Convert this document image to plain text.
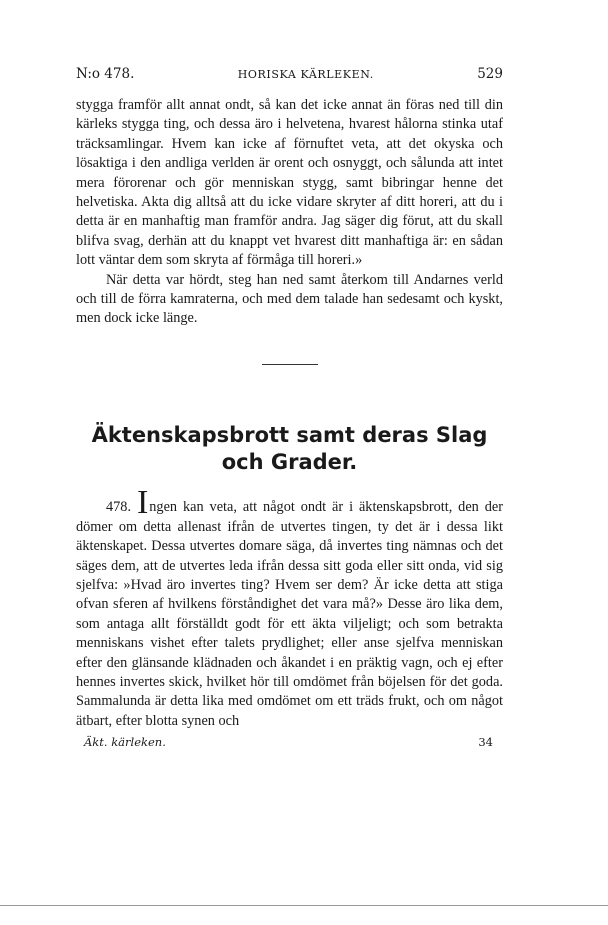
N:o 478.	HORISKA KÄRLEKEN.	529

stygga framför allt annat ondt, så kan det icke annat än föras ned till din kärleks stygga ting, och dessa äro i helvetena, hvarest hålorna stinka utaf träcksamlingar. Hvem kan icke af förnuftet veta, att det okyska och lösaktiga i den andliga verlden är orent och osnyggt, och sålunda att intet mera förorenar och gör menniskan stygg, samt bibringar henne det helvetiska. Akta dig alltså att du icke vidare skryter af ditt horeri, att du i detta är en manhaftig man framför andra. Jag säger dig förut, att du skall blifva svag, derhän att du knappt vet hvarest ditt manhaftiga är: en sådan lott väntar dem som skryta af förmåga till horeri.»

När detta var hördt, steg han ned samt återkom till Andarnes verld och till de förra kamraterna, och med dem talade han sedesamt och kyskt, men dock icke länge.

Äktenskapsbrott samt deras Slag
och Grader.

478. Ingen kan veta, att något ondt är i äktenskapsbrott, den der dömer om detta allenast ifrån de utvertes tingen, ty det är i dessa likt äktenskapet. Dessa utvertes domare säga, då invertes ting nämnas och det säges dem, att de utvertes leda ifrån dessa sitt goda eller sitt onda, vid sig sjelfva: »Hvad äro invertes ting? Hvem ser dem? Är icke detta att stiga ofvan sferen af hvilkens förståndighet det vara må?» Desse äro lika dem, som antaga allt förställdt godt för ett äkta viljeligt; och som betrakta menniskans vishet efter talets prydlighet; eller anse sjelfva menniskan efter den glänsande klädnaden och åkandet i en präktig vagn, och ej efter hennes invertes skick, hvilket hör till omdömet från böjelsen för det goda. Sammalunda är detta lika med omdömet om ett träds frukt, och om något ätbart, efter blotta synen och

Äkt. kärleken.	34
